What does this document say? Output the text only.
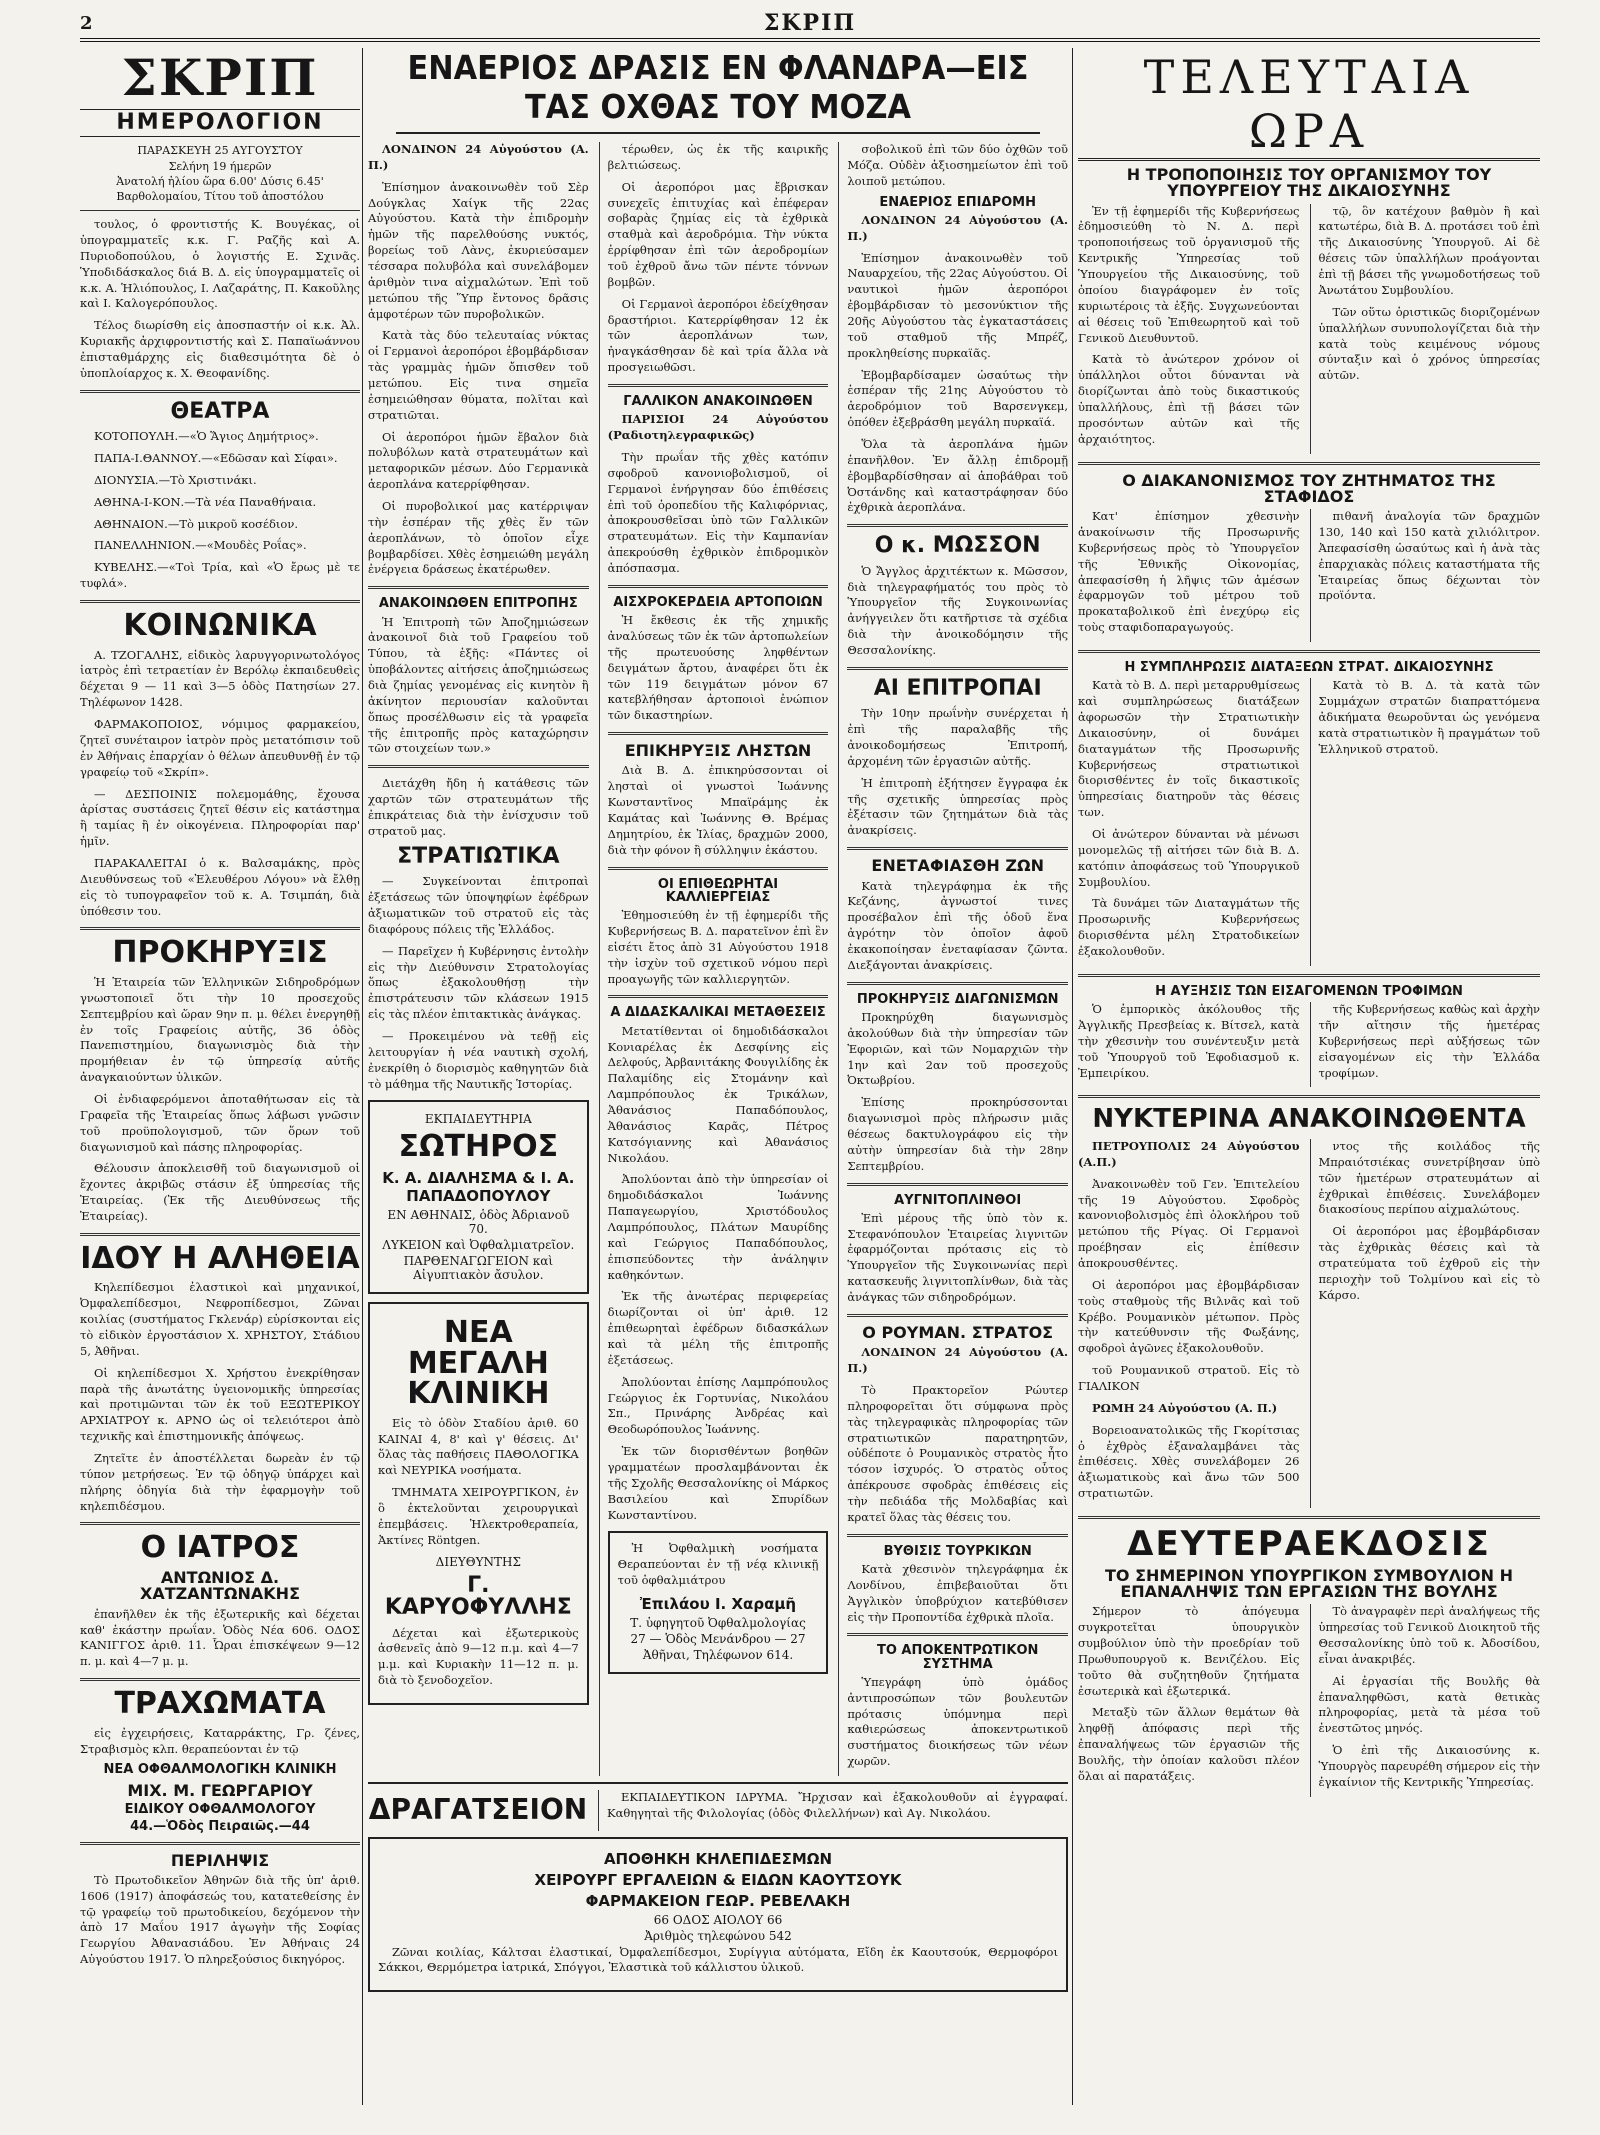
2	ΣΚΡΙΠ
ΣΚΡΙΠ
ΗΜΕΡΟΛΟΓΙΟΝ

ΠΑΡΑΣΚΕΥΗ 25 ΑΥΓΟΥΣΤΟΥ

Σελήνη 19 ήμερῶν

Ἀνατολή ἡλίου ὥρα 6.00' Δύσις 6.45'

Βαρθολομαίου, Τίτου τοῦ ἀποστόλου

τουλος, ὁ φροντιστής Κ. Βουγέκας, οἱ ὑπογραμματεῖς κ.κ. Γ. Ραζῆς καὶ Α. Πυριοδοπούλου, ὁ λογιστής Ε. Σχινᾶς. Ὑποδιδάσκαλος διά Β. Δ. εἰς ὑπογραμματεῖς οἱ κ.κ. Α. Ἡλιόπουλος, Ι. Λαζαράτης, Π. Κακοῦλης καὶ Ι. Καλογερόπουλος.

Τέλος διωρίσθη εἰς ἀποσπαστήν οἱ κ.κ. Ἀλ. Κυριακῆς ἀρχιφροντιστής καὶ Σ. Παπαϊωάννου ἐπισταθμάρχης εἰς διαθεσιμότητα δὲ ὁ ὑποπλοίαρχος κ. Χ. Θεοφανίδης.

ΘΕΑΤΡΑ

ΚΟΤΟΠΟΥΛΗ.—«Ὁ Ἅγιος Δημήτριος».

ΠΑΠΑ-Ι.ΘΑΝΝΟΥ.—«Εδῶσαν καὶ Σίφαι».

ΔΙΟΝΥΣΙΑ.—Τὸ Χριστινάκι.

ΑΘΗΝΑ-Ι-ΚΟΝ.—Τὰ νέα Παναθήναια.

ΑΘΗΝΑΙΟΝ.—Τὸ μικροῦ κοσέδιον.

ΠΑΝΕΛΛΗΝΙΟΝ.—«Μουδὲς Ροΐας».

ΚΥΒΕΛΗΣ.—«Τοὶ Τρία, καὶ «Ὁ ἔρως μὲ τε τυφλά».

ΚΟΙΝΩΝΙΚΑ

Α. ΤΖΟΓΑΛΗΣ, εἰδικὸς λαρυγγορινωτολόγος ἰατρὸς ἐπὶ τετραετίαν ἐν Βερόλῳ ἐκπαιδευθεὶς δέχεται 9 — 11 καὶ 3—5 ὁδὸς Πατησίων 27. Τηλέφωνον 1428.

ΦΑΡΜΑΚΟΠΟΙΟΣ, νόμιμος φαρμακείου, ζητεῖ συνέταιρον ἰατρὸν πρὸς μετατόπισιν τοῦ ἐν Ἀθήναις ἐπαρχίαν ὁ θέλων ἀπευθυνθῇ ἐν τῷ γραφείῳ τοῦ «Σκρίπ».

— ΔΕΣΠΟΙΝΙΣ πολεμομάθης, ἔχουσα ἀρίστας συστάσεις ζητεῖ θέσιν εἰς κατάστημα ἢ ταμίας ἢ ἐν οἰκογένεια. Πληροφορίαι παρ' ἡμῖν.

ΠΑΡΑΚΑΛΕΙΤΑΙ ὁ κ. Βαλσαμάκης, πρὸς Διευθύνσεως τοῦ «Ἐλευθέρου Λόγου» νὰ ἔλθῃ εἰς τὸ τυπογραφεῖον τοῦ κ. Α. Τσιμπάη, διὰ ὑπόθεσιν του.

ΠΡΟΚΗΡΥΞΙΣ

Ἡ Ἑταιρεία τῶν Ἑλληνικῶν Σιδηροδρόμων γνωστοποιεῖ ὅτι τὴν 10 προσεχοῦς Σεπτεμβρίου καὶ ὥραν 9ην π. μ. θέλει ἐνεργηθῇ ἐν τοῖς Γραφείοις αὐτῆς, 36 ὁδὸς Πανεπιστημίου, διαγωνισμὸς διὰ τὴν προμήθειαν ἐν τῷ ὑπηρεσίᾳ αὐτῆς ἀναγκαιούντων ὑλικῶν.

Οἱ ἐνδιαφερόμενοι ἀποταθήτωσαν εἰς τὰ Γραφεῖα τῆς Ἑταιρείας ὅπως λάβωσι γνῶσιν τοῦ προϋπολογισμοῦ, τῶν ὅρων τοῦ διαγωνισμοῦ καὶ πάσης πληροφορίας.

Θέλουσιν ἀποκλεισθῆ τοῦ διαγωνισμοῦ οἱ ἔχοντες ἀκριβῶς στάσιν ἐξ ὑπηρεσίας τῆς Ἑταιρείας. (Ἐκ τῆς Διευθύνσεως τῆς Ἑταιρείας).

ΙΔΟΥ Η ΑΛΗΘΕΙΑ

Κηλεπίδεσμοι ἐλαστικοὶ καὶ μηχανικοί, Ὀμφαλεπίδεσμοι, Νεφροπίδεσμοι, Ζῶναι κοιλίας (συστήματος Γκλενάρ) εὑρίσκονται εἰς τὸ εἰδικὸν ἐργοστάσιον Χ. ΧΡΗΣΤΟΥ, Στάδιου 5, Ἀθῆναι.

Οἱ κηλεπίδεσμοι Χ. Χρήστου ἐνεκρίθησαν παρὰ τῆς ἀνωτάτης ὑγειονομικῆς ὑπηρεσίας καὶ προτιμῶνται τῶν ἐκ τοῦ ΕΞΩΤΕΡΙΚΟΥ ΑΡΧΙΑΤΡΟΥ κ. ΑΡΝΟ ὡς οἱ τελειότεροι ἀπὸ τεχνικῆς καὶ ἐπιστημονικῆς ἀπόψεως.

Ζητεῖτε ἐν ἀποστέλλεται δωρεὰν ἐν τῷ τύπον μετρήσεως. Ἐν τῷ ὁδηγῷ ὑπάρχει καὶ πλήρης ὁδηγία διὰ τὴν ἐφαρμογὴν τοῦ κηλεπιδέσμου.

Ο ΙΑΤΡΟΣ
ΑΝΤΩΝΙΟΣ Δ. ΧΑΤΖΑΝΤΩΝΑΚΗΣ

ἐπανῆλθεν ἐκ τῆς ἐξωτερικῆς καὶ δέχεται καθ' ἑκάστην πρωΐαν. Ὁδὸς Νέα 606. ΟΔΟΣ ΚΑΝΙΓΓΟΣ ἀριθ. 11. Ὧραι ἐπισκέψεων 9—12 π. μ. καὶ 4—7 μ. μ.

ΤΡΑΧΩΜΑΤΑ

εἰς ἐγχειρήσεις, Καταρράκτης, Γρ. ζένες, Στραβισμὸς κλπ. θεραπεύονται ἐν τῷ

ΝΕΑ ΟΦΘΑΛΜΟΛΟΓΙΚΗ ΚΛΙΝΙΚΗ
ΜΙΧ. Μ. ΓΕΩΡΓΑΡΙΟΥ
ΕΙΔΙΚΟΥ ΟΦΘΑΛΜΟΛΟΓΟΥ
44.—Ὁδὸς Πειραιῶς.—44
ΠΕΡΙΛΗΨΙΣ

Τὸ Πρωτοδικεῖον Ἀθηνῶν διὰ τῆς ὑπ' ἀριθ. 1606 (1917) ἀποφάσεώς του, κατατεθείσης ἐν τῷ γραφείῳ τοῦ πρωτοδικείου, δεχόμενον τὴν ἀπὸ 17 Μαΐου 1917 ἀγωγὴν τῆς Σοφίας Γεωργίου Ἀθανασιάδου. Ἐν Ἀθήναις 24 Αὐγούστου 1917. Ὁ πληρεξούσιος δικηγόρος.

ΕΝΑΕΡΙΟΣ ΔΡΑΣΙΣ ΕΝ ΦΛΑΝΔΡΑ—ΕΙΣ ΤΑΣ ΟΧΘΑΣ ΤΟΥ ΜΟΖΑ

ΛΟΝΔΙΝΟΝ 24 Αὐγούστου (Α. Π.)

Ἐπίσημον ἀνακοινωθὲν τοῦ Σὲρ Δούγκλας Χαίγκ τῆς 22ας Αὐγούστου. Κατὰ τὴν ἐπιδρομὴν ἡμῶν τῆς παρελθούσης νυκτός, βορείως τοῦ Λὰνς, ἐκυριεύσαμεν τέσσαρα πολυβόλα καὶ συνελάβομεν ἀριθμὸν τινα αἰχμαλώτων. Ἐπὶ τοῦ μετώπου τῆς Ὕπρ ἔντονος δρᾶσις ἀμφοτέρων τῶν πυροβολικῶν.

Κατὰ τὰς δύο τελευταίας νύκτας οἱ Γερμανοὶ ἀεροπόροι ἐβομβάρδισαν τὰς γραμμὰς ἡμῶν ὄπισθεν τοῦ μετώπου. Εἰς τινα σημεῖα ἐσημειώθησαν θύματα, πολῖται καὶ στρατιῶται.

Οἱ ἀεροπόροι ἡμῶν ἔβαλον διὰ πολυβόλων κατὰ στρατευμάτων καὶ μεταφορικῶν μέσων. Δύο Γερμανικὰ ἀεροπλάνα κατερρίφθησαν.

Οἱ πυροβολικοί μας κατέρριψαν τὴν ἑσπέραν τῆς χθὲς ἕν τῶν ἀεροπλάνων, τὸ ὁποῖον εἶχε βομβαρδίσει. Χθὲς ἐσημειώθη μεγάλη ἐνέργεια δράσεως ἐκατέρωθεν.

ΑΝΑΚΟΙΝΩΘΕΝ ΕΠΙΤΡΟΠΗΣ

Ἡ Ἐπιτροπὴ τῶν Ἀποζημιώσεων ἀνακοινοῖ διὰ τοῦ Γραφείου τοῦ Τύπου, τὰ ἑξῆς: «Πάντες οἱ ὑποβάλοντες αἰτήσεις ἀποζημιώσεως διὰ ζημίας γενομένας εἰς κινητὸν ἢ ἀκίνητον περιουσίαν καλοῦνται ὅπως προσέλθωσιν εἰς τὰ γραφεῖα τῆς ἐπιτροπῆς πρὸς καταχώρησιν τῶν στοιχείων των.»

Διετάχθη ἤδη ἡ κατάθεσις τῶν χαρτῶν τῶν στρατευμάτων τῆς ἐπικράτειας διὰ τὴν ἐνίσχυσιν τοῦ στρατοῦ μας.

ΣΤΡΑΤΙΩΤΙΚΑ

— Συγκείνονται ἐπιτροπαὶ ἐξετάσεως τῶν ὑποψηφίων ἐφέδρων ἀξιωματικῶν τοῦ στρατοῦ εἰς τὰς διαφόρους πόλεις τῆς Ἑλλάδος.

— Παρεῖχεν ἡ Κυβέρνησις ἐντολὴν εἰς τὴν Διεύθυνσιν Στρατολογίας ὅπως ἐξακολουθήσῃ τὴν ἐπιστράτευσιν τῶν κλάσεων 1915 εἰς τὰς πλέον ἐπιτακτικὰς ἀνάγκας.

— Προκειμένου νὰ τεθῇ εἰς λειτουργίαν ἡ νέα ναυτικὴ σχολή, ἐνεκρίθη ὁ διορισμὸς καθηγητῶν διὰ τὸ μάθημα τῆς Ναυτικῆς Ἱστορίας.

ΕΚΠΑΙΔΕΥΤΗΡΙΑ
ΣΩΤΗΡΟΣ
Κ. Α. ΔΙΑΛΗΣΜΑ & Ι. Α. ΠΑΠΑΔΟΠΟΥΛΟΥ
ΕΝ ΑΘΗΝΑΙΣ, ὁδὸς Ἀδριανοῦ 70.
ΛΥΚΕΙΟΝ καὶ Ὀφθαλμιατρεῖον.
ΠΑΡΘΕΝΑΓΩΓΕΙΟΝ καὶ Αἰγυπτιακὸν ἄσυλον.
ΝΕΑ ΜΕΓΑΛΗ ΚΛΙΝΙΚΗ

Εἰς τὸ ὁδὸν Σταδίου ἀριθ. 60 ΚΑΙΝΑΙ 4, 8' καὶ γ' θέσεις. Δι' ὅλας τὰς παθήσεις ΠΑΘΟΛΟΓΙΚΑ καὶ ΝΕΥΡΙΚΑ νοσήματα.

ΤΜΗΜΑΤΑ ΧΕΙΡΟΥΡΓΙΚΟΝ, ἐν ὃ ἐκτελοῦνται χειρουργικαὶ ἐπεμβάσεις. Ἠλεκτροθεραπεία, Ἀκτίνες Röntgen.

ΔΙΕΥΘΥΝΤΗΣ
Γ. ΚΑΡΥΟΦΥΛΛΗΣ

Δέχεται καὶ ἐξωτερικοὺς ἀσθενεῖς ἀπὸ 9—12 π.μ. καὶ 4—7 μ.μ. καὶ Κυριακὴν 11—12 π. μ. διὰ τὸ ξενοδοχεῖον.

τέρωθεν, ὡς ἐκ τῆς καιρικῆς βελτιώσεως.

Οἱ ἀεροπόροι μας ἔβρισκαν συνεχεῖς ἐπιτυχίας καὶ ἐπέφεραν σοβαρὰς ζημίας εἰς τὰ ἐχθρικὰ σταθμὰ καὶ ἀεροδρόμια. Τὴν νύκτα ἐρρίφθησαν ἐπὶ τῶν ἀεροδρομίων τοῦ ἐχθροῦ ἄνω τῶν πέντε τόννων βομβῶν.

Οἱ Γερμανοὶ ἀεροπόροι ἐδείχθησαν δραστήριοι. Κατερρίφθησαν 12 ἐκ τῶν ἀεροπλάνων των, ἠναγκάσθησαν δὲ καὶ τρία ἄλλα νὰ προσγειωθῶσι.

ΓΑΛΛΙΚΟΝ ΑΝΑΚΟΙΝΩΘΕΝ

ΠΑΡΙΣΙΟΙ 24 Αὐγούστου (Ραδιοτηλεγραφικῶς)

Τὴν πρωΐαν τῆς χθὲς κατόπιν σφοδροῦ κανονιοβολισμοῦ, οἱ Γερμανοὶ ἐνήργησαν δύο ἐπιθέσεις ἐπὶ τοῦ ὀροπεδίου τῆς Καλιφόρνιας, ἀποκρουσθεῖσαι ὑπὸ τῶν Γαλλικῶν στρατευμάτων. Εἰς τὴν Καμπανίαν ἀπεκρούσθη ἐχθρικὸν ἐπιδρομικὸν ἀπόσπασμα.

ΑΙΣΧΡΟΚΕΡΔΕΙΑ ΑΡΤΟΠΟΙΩΝ

Ἡ ἔκθεσις ἐκ τῆς χημικῆς ἀναλύσεως τῶν ἐκ τῶν ἀρτοπωλείων τῆς πρωτευούσης ληφθέντων δειγμάτων ἄρτου, ἀναφέρει ὅτι ἐκ τῶν 119 δειγμάτων μόνον 67 κατεβλήθησαν ἀρτοποιοὶ ἐνώπιον τῶν δικαστηρίων.

ΕΠΙΚΗΡΥΞΙΣ ΛΗΣΤΩΝ

Διὰ Β. Δ. ἐπικηρύσσονται οἱ λησταὶ οἱ γνωστοὶ Ἰωάννης Κωνσταντῖνος Μπαϊράμης ἐκ Καμάτας καὶ Ἰωάννης Θ. Βρέμας Δημητρίου, ἐκ Ἰλίας, δραχμῶν 2000, διὰ τὴν φόνον ἢ σύλληψιν ἑκάστου.

ΟΙ ΕΠΙΘΕΩΡΗΤΑΙ ΚΑΛΛΙΕΡΓΕΙΑΣ

Ἐθημοσιεύθη ἐν τῇ ἐφημερίδι τῆς Κυβερνήσεως Β. Δ. παρατεῖνον ἐπὶ ἓν εἰσέτι ἔτος ἀπὸ 31 Αὐγούστου 1918 τὴν ἰσχὺν τοῦ σχετικοῦ νόμου περὶ προαγωγῆς τῶν καλλιεργητῶν.

Α ΔΙΔΑΣΚΑΛΙΚΑΙ ΜΕΤΑΘΕΣΕΙΣ

Μετατίθενται οἱ δημοδιδάσκαλοι Κονιαρέλας ἐκ Δεσφίνης εἰς Δελφούς, Ἀρβανιτάκης Φουγιλίδης ἐκ Παλαμίδης εἰς Στομάνην καὶ Λαμπρόπουλος ἐκ Τρικάλων, Ἀθανάσιος Παπαδόπουλος, Ἀθανάσιος Καρᾶς, Πέτρος Κατσόγιαννης καὶ Ἀθανάσιος Νικολάου.

Ἀπολύονται ἀπὸ τὴν ὑπηρεσίαν οἱ δημοδιδάσκαλοι Ἰωάννης Παπαγεωργίου, Χριστόδουλος Λαμπρόπουλος, Πλάτων Μαυρίδης καὶ Γεώργιος Παπαδόπουλος, ἐπισπεύδοντες τὴν ἀνάληψιν καθηκόντων.

Ἐκ τῆς ἀνωτέρας περιφερείας διωρίζονται οἱ ὑπ' ἀριθ. 12 ἐπιθεωρηταὶ ἐφέδρων διδασκάλων καὶ τὰ μέλη τῆς ἐπιτροπῆς ἐξετάσεως.

Ἀπολύονται ἐπίσης Λαμπρόπουλος Γεώργιος ἐκ Γορτυνίας, Νικολάου Σπ., Πρινάρης Ἀνδρέας καὶ Θεοδωρόπουλος Ἰωάννης.

Ἐκ τῶν διορισθέντων βοηθῶν γραμματέων προσλαμβάνονται ἐκ τῆς Σχολῆς Θεσσαλονίκης οἱ Μάρκος Βασιλείου καὶ Σπυρίδων Κωνσταντίνου.

Ἡ Ὀφθαλμικὴ νοσήματα Θεραπεύονται ἐν τῇ νέᾳ κλινικῇ τοῦ ὀφθαλμιάτρου

Ἐπιλάου Ι. Χαραμῆ
Τ. ὑφηγητοῦ Ὀφθαλμολογίας
27 — Ὁδὸς Μενάνδρου — 27
Ἀθῆναι, Τηλέφωνον 614.

σοβολικοῦ ἐπὶ τῶν δύο ὀχθῶν τοῦ Μόζα. Οὐδὲν ἀξιοσημείωτον ἐπὶ τοῦ λοιποῦ μετώπου.

ΕΝΑΕΡΙΟΣ ΕΠΙΔΡΟΜΗ

ΛΟΝΔΙΝΟΝ 24 Αὐγούστου (Α. Π.)

Ἐπίσημον ἀνακοινωθὲν τοῦ Ναυαρχείου, τῆς 22ας Αὐγούστου. Οἱ ναυτικοὶ ἡμῶν ἀεροπόροι ἐβομβάρδισαν τὸ μεσονύκτιον τῆς 20ῆς Αὐγούστου τὰς ἐγκαταστάσεις τοῦ σταθμοῦ τῆς Μπρέζ, προκληθείσης πυρκαϊᾶς.

Ἐβομβαρδίσαμεν ὡσαύτως τὴν ἑσπέραν τῆς 21ης Αὐγούστου τὸ ἀεροδρόμιον τοῦ Βαρσενγκεμ, ὁπόθεν ἐξεβράσθη μεγάλη πυρκαϊά.

Ὅλα τὰ ἀεροπλάνα ἡμῶν ἐπανῆλθον. Ἐν ἄλλῃ ἐπιδρομῇ ἐβομβαρδίσθησαν αἱ ἀποβάθραι τοῦ Ὀστάνδης καὶ καταστράφησαν δύο ἐχθρικὰ ἀεροπλάνα.

Ο κ. ΜΩΣΣΟΝ

Ὁ Ἄγγλος ἀρχιτέκτων κ. Μῶσσον, διὰ τηλεγραφήματός του πρὸς τὸ Ὑπουργεῖον τῆς Συγκοινωνίας ἀνήγγειλεν ὅτι κατῆρτισε τὰ σχέδια διὰ τὴν ἀνοικοδόμησιν τῆς Θεσσαλονίκης.

ΑΙ ΕΠΙΤΡΟΠΑΙ

Τὴν 10ην πρωΐνὴν συνέρχεται ἡ ἐπὶ τῆς παραλαβῆς τῆς ἀνοικοδομήσεως Ἐπιτροπή, ἀρχομένη τῶν ἐργασιῶν αὐτῆς.

Ἡ ἐπιτροπὴ ἐξήτησεν ἔγγραφα ἐκ τῆς σχετικῆς ὑπηρεσίας πρὸς ἐξέτασιν τῶν ζητημάτων διὰ τὰς ἀνακρίσεις.

ΕΝΕΤΑΦΙΑΣΘΗ ΖΩΝ

Κατὰ τηλεγράφημα ἐκ τῆς Κεζάνης, ἀγνωστοί τινες προσέβαλον ἐπὶ τῆς ὁδοῦ ἕνα ἀγρότην τὸν ὁποῖον ἀφοῦ ἐκακοποίησαν ἐνεταφίασαν ζῶντα. Διεξάγονται ἀνακρίσεις.

ΠΡΟΚΗΡΥΞΙΣ ΔΙΑΓΩΝΙΣΜΩΝ

Προκηρύχθη διαγωνισμὸς ἀκολούθων διὰ τὴν ὑπηρεσίαν τῶν Ἐφοριῶν, καὶ τῶν Νομαρχιῶν τὴν 1ην καὶ 2αν τοῦ προσεχοῦς Ὀκτωβρίου.

Ἐπίσης προκηρύσσονται διαγωνισμοὶ πρὸς πλήρωσιν μιᾶς θέσεως δακτυλογράφου εἰς τὴν αὐτὴν ὑπηρεσίαν διὰ τὴν 28ην Σεπτεμβρίου.

ΑΥΓΝΙΤΟΠΛΙΝΘΟΙ

Ἐπὶ μέρους τῆς ὑπὸ τὸν κ. Στεφανόπουλον Ἑταιρείας λιγνιτῶν ἐφαρμόζονται πρότασις εἰς τὸ Ὑπουργεῖον τῆς Συγκοινωνίας περὶ κατασκευῆς λιγνιτοπλίνθων, διὰ τὰς ἀνάγκας τῶν σιδηροδρόμων.

Ο ΡΟΥΜΑΝ. ΣΤΡΑΤΟΣ

ΛΟΝΔΙΝΟΝ 24 Αὐγούστου (Α. Π.)

Τὸ Πρακτορεῖον Ρώυτερ πληροφορεῖται ὅτι σύμφωνα πρὸς τὰς τηλεγραφικὰς πληροφορίας τῶν στρατιωτικῶν παρατηρητῶν, οὐδέποτε ὁ Ρουμανικὸς στρατὸς ἦτο τόσον ἰσχυρός. Ὁ στρατὸς οὗτος ἀπέκρουσε σφοδρὰς ἐπιθέσεις εἰς τὴν πεδιάδα τῆς Μολδαβίας καὶ κρατεῖ ὅλας τὰς θέσεις του.

ΒΥΘΙΣΙΣ ΤΟΥΡΚΙΚΩΝ

Κατὰ χθεσινὸν τηλεγράφημα ἐκ Λονδίνου, ἐπιβεβαιοῦται ὅτι Ἀγγλικὸν ὑποβρύχιον κατεβύθισεν εἰς τὴν Προποντίδα ἐχθρικὰ πλοῖα.

ΤΟ ΑΠΟΚΕΝΤΡΩΤΙΚΟΝ ΣΥΣΤΗΜΑ

Ὑπεγράφη ὑπὸ ὁμάδος ἀντιπροσώπων τῶν βουλευτῶν πρότασις ὑπόμνημα περὶ καθιερώσεως ἀποκεντρωτικοῦ συστήματος διοικήσεως τῶν νέων χωρῶν.

ΔΡΑΓΑΤΣΕΙΟΝ	ΕΚΠΑΙΔΕΥΤΙΚΟΝ ΙΔΡΥΜΑ. Ἤρχισαν καὶ ἐξακολουθοῦν αἱ ἐγγραφαί. Καθηγηταὶ τῆς Φιλολογίας (ὁδὸς Φιλελλήνων) καὶ Αγ. Νικολάου.

ΑΠΟΘΗΚΗ ΚΗΛΕΠΙΔΕΣΜΩΝ
ΧΕΙΡΟΥΡΓ ΕΡΓΑΛΕΙΩΝ & ΕΙΔΩΝ ΚΑΟΥΤΣΟΥΚ
ΦΑΡΜΑΚΕΙΟΝ ΓΕΩΡ. ΡΕΒΕΛΑΚΗ
66 ΟΔΟΣ ΑΙΟΛΟΥ 66
Ἀριθμὸς τηλεφώνου 542

Ζῶναι κοιλίας, Κάλτσαι ἐλαστικαί, Ὀμφαλεπίδεσμοι, Συρίγγια αὐτόματα, Εἴδη ἐκ Καουτσούκ, Θερμοφόροι Σάκκοι, Θερμόμετρα ἰατρικά, Σπόγγοι, Ἐλαστικὰ τοῦ κάλλιστου ὑλικοῦ.

ΤΕΛΕΥΤΑΙΑ ΩΡΑ
Η ΤΡΟΠΟΠΟΙΗΣΙΣ ΤΟΥ ΟΡΓΑΝΙΣΜΟΥ ΤΟΥ ΥΠΟΥΡΓΕΙΟΥ ΤΗΣ ΔΙΚΑΙΟΣΥΝΗΣ

Ἐν τῇ ἐφημερίδι τῆς Κυβερνήσεως ἐδημοσιεύθη τὸ Ν. Δ. περὶ τροποποιήσεως τοῦ ὀργανισμοῦ τῆς Κεντρικῆς Ὑπηρεσίας τοῦ Ὑπουργείου τῆς Δικαιοσύνης, τοῦ ὁποίου διαγράφομεν ἐν τοῖς κυριωτέροις τὰ ἑξῆς. Συγχωνεύονται αἱ θέσεις τοῦ Ἐπιθεωρητοῦ καὶ τοῦ Γενικοῦ Διευθυντοῦ.

Κατὰ τὸ ἀνώτερον χρόνον οἱ ὑπάλληλοι οὗτοι δύνανται νὰ διορίζωνται ἀπὸ τοὺς δικαστικούς ὑπαλλήλους, ἐπὶ τῇ βάσει τῶν προσόντων αὐτῶν καὶ τῆς ἀρχαιότητος.

τῷ, ὃν κατέχουν βαθμὸν ἢ καὶ κατωτέρω, διὰ Β. Δ. προτάσει τοῦ ἐπὶ τῆς Δικαιοσύνης Ὑπουργοῦ. Αἱ δὲ θέσεις τῶν ὑπαλλήλων προάγονται ἐπὶ τῇ βάσει τῆς γνωμοδοτήσεως τοῦ Ἀνωτάτου Συμβουλίου.

Τῶν οὕτω ὁριστικῶς διοριζομένων ὑπαλλήλων συνυπολογίζεται διὰ τὴν κατὰ τοὺς κειμένους νόμους σύνταξιν καὶ ὁ χρόνος ὑπηρεσίας αὐτῶν.

Ο ΔΙΑΚΑΝΟΝΙΣΜΟΣ ΤΟΥ ΖΗΤΗΜΑΤΟΣ ΤΗΣ ΣΤΑΦΙΔΟΣ

Κατ' ἐπίσημον χθεσινὴν ἀνακοίνωσιν τῆς Προσωρινῆς Κυβερνήσεως πρὸς τὸ Ὑπουργεῖον τῆς Ἐθνικῆς Οἰκονομίας, ἀπεφασίσθη ἡ λῆψις τῶν ἀμέσων ἐφαρμογῶν τοῦ μέτρου τοῦ προκαταβολικοῦ ἐπὶ ἐνεχύρῳ εἰς τοὺς σταφιδοπαραγωγούς.

πιθανῆ ἀναλογία τῶν δραχμῶν 130, 140 καὶ 150 κατὰ χιλιόλιτρον. Ἀπεφασίσθη ὡσαύτως καὶ ἡ ἀνὰ τὰς ἐπαρχιακὰς πόλεις καταστήματα τῆς Ἐταιρείας ὅπως δέχωνται τὸν προϊόντα.

Η ΣΥΜΠΛΗΡΩΣΙΣ ΔΙΑΤΑΞΕΩΝ ΣΤΡΑΤ. ΔΙΚΑΙΟΣΥΝΗΣ

Κατὰ τὸ Β. Δ. περὶ μεταρρυθμίσεως καὶ συμπληρώσεως διατάξεων ἀφορωσῶν τὴν Στρατιωτικὴν Δικαιοσύνην, οἱ δυνάμει διαταγμάτων τῆς Προσωρινῆς Κυβερνήσεως στρατιωτικοὶ διορισθέντες ἐν τοῖς δικαστικοῖς ὑπηρεσίαις διατηροῦν τὰς θέσεις των.

Οἱ ἀνώτερον δύνανται νὰ μένωσι μονομελῶς τῇ αἰτήσει τῶν διὰ Β. Δ. κατόπιν ἀποφάσεως τοῦ Ὑπουργικοῦ Συμβουλίου.

Τὰ δυνάμει τῶν Διαταγμάτων τῆς Προσωρινῆς Κυβερνήσεως διορισθέντα μέλη Στρατοδικείων ἐξακολουθοῦν.

Κατὰ τὸ Β. Δ. τὰ κατὰ τῶν Συμμάχων στρατῶν διαπραττόμενα ἀδικήματα θεωροῦνται ὡς γενόμενα κατὰ στρατιωτικὸν ἢ πραγμάτων τοῦ Ἑλληνικοῦ στρατοῦ.

Η ΑΥΞΗΣΙΣ ΤΩΝ ΕΙΣΑΓΟΜΕΝΩΝ ΤΡΟΦΙΜΩΝ

Ὁ ἐμπορικὸς ἀκόλουθος τῆς Ἀγγλικῆς Πρεσβείας κ. Βίτσελ, κατὰ τὴν χθεσινὴν του συνέντευξιν μετὰ τοῦ Ὑπουργοῦ τοῦ Ἐφοδιασμοῦ κ. Ἐμπειρίκου.

τῆς Κυβερνήσεως καθὼς καὶ ἀρχὴν τῆν αἴτησιν τῆς ἡμετέρας Κυβερνήσεως περὶ αὐξήσεως τῶν εἰσαγομένων εἰς τὴν Ἑλλάδα τροφίμων.

ΝΥΚΤΕΡΙΝΑ ΑΝΑΚΟΙΝΩΘΕΝΤΑ

ΠΕΤΡΟΥΠΟΛΙΣ 24 Αὐγούστου (Α.Π.)

Ἀνακοινωθὲν τοῦ Γεν. Ἐπιτελείου τῆς 19 Αὐγούστου. Σφοδρὸς κανονιοβολισμὸς ἐπὶ ὁλοκλήρου τοῦ μετώπου τῆς Ρίγας. Οἱ Γερμανοὶ προέβησαν εἰς ἐπίθεσιν ἀποκρουσθέντες.

Οἱ ἀεροπόροι μας ἐβομβάρδισαν τοὺς σταθμοὺς τῆς Βιλνᾶς καὶ τοῦ Κρέβο. Ρουμανικὸν μέτωπον. Πρὸς τὴν κατεύθυνσιν τῆς Φωξάνης, σφοδροὶ ἀγῶνες ἐξακολουθοῦν.

τοῦ Ρουμανικοῦ στρατοῦ. Εἰς τὸ ΓΙΑΛΙΚΟΝ

ΡΩΜΗ 24 Αὐγούστου (Α. Π.)

Βορειοανατολικῶς τῆς Γκορίτσιας ὁ ἐχθρὸς ἐξαναλαμβάνει τὰς ἐπιθέσεις. Χθὲς συνελάβομεν 26 ἀξιωματικοὺς καὶ ἄνω τῶν 500 στρατιωτῶν.

ντος τῆς κοιλάδος τῆς Μπραιότσιέκας συνετρίβησαν ὑπὸ τῶν ἡμετέρων στρατευμάτων αἱ ἐχθρικαὶ ἐπιθέσεις. Συνελάβομεν διακοσίους περίπου αἰχμαλώτους.

Οἱ ἀεροπόροι μας ἐβομβάρδισαν τὰς ἐχθρικὰς θέσεις καὶ τὰ στρατεύματα τοῦ ἐχθροῦ εἰς τὴν περιοχὴν τοῦ Τολμίνου καὶ εἰς τὸ Κάρσο.

ΔΕΥΤΕΡΑΕΚΔΟΣΙΣ
ΤΟ ΣΗΜΕΡΙΝΟΝ ΥΠΟΥΡΓΙΚΟΝ ΣΥΜΒΟΥΛΙΟΝ Η ΕΠΑΝΑΛΗΨΙΣ ΤΩΝ ΕΡΓΑΣΙΩΝ ΤΗΣ ΒΟΥΛΗΣ

Σήμερον τὸ ἀπόγευμα συγκροτεῖται ὑπουργικὸν συμβούλιον ὑπὸ τὴν προεδρίαν τοῦ Πρωθυπουργοῦ κ. Βενιζέλου. Εἰς τοῦτο θὰ συζητηθοῦν ζητήματα ἐσωτερικὰ καὶ ἐξωτερικά.

Μεταξὺ τῶν ἄλλων θεμάτων θὰ ληφθῇ ἀπόφασις περὶ τῆς ἐπαναλήψεως τῶν ἐργασιῶν τῆς Βουλῆς, τὴν ὁποίαν καλοῦσι πλέον ὅλαι αἱ παρατάξεις.

Τὸ ἀναγραφὲν περὶ ἀναλήψεως τῆς ὑπηρεσίας τοῦ Γενικοῦ Διοικητοῦ τῆς Θεσσαλονίκης ὑπὸ τοῦ κ. Ἀδοσίδου, εἶναι ἀνακριβές.

Αἱ ἐργασίαι τῆς Βουλῆς θὰ ἐπαναληφθῶσι, κατὰ θετικὰς πληροφορίας, μετὰ τὰ μέσα τοῦ ἐνεστῶτος μηνός.

Ὁ ἐπὶ τῆς Δικαιοσύνης κ. Ὑπουργὸς παρευρέθη σήμερον εἰς τὴν ἐγκαίνιον τῆς Κεντρικῆς Ὑπηρεσίας.
